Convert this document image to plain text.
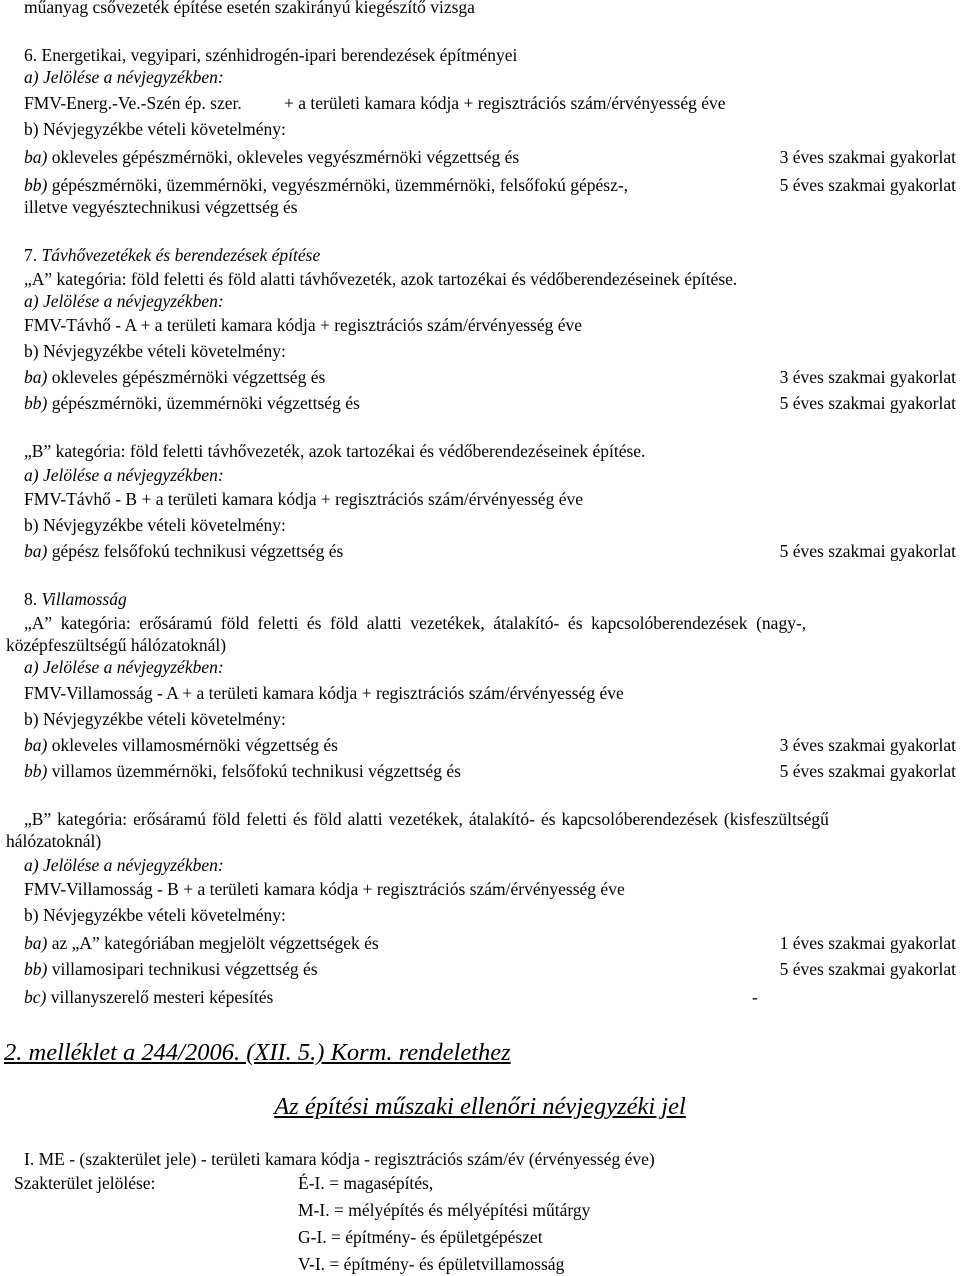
műanyag csővezeték építése esetén szakirányú kiegészítő vizsga
6. Energetikai, vegyipari, szénhidrogén-ipari berendezések építményei
a) Jelölése a névjegyzékben:
FMV-Energ.-Ve.-Szén ép. szer. + a területi kamara kódja + regisztrációs szám/érvényesség éve
b) Névjegyzékbe vételi követelmény:
ba) okleveles gépészmérnöki, okleveles vegyészmérnöki végzettség és	3 éves szakmai gyakorlat
bb) gépészmérnöki, üzemmérnöki, vegyészmérnöki, üzemmérnöki, felsőfokú gépész-,	5 éves szakmai gyakorlat
illetve vegyésztechnikusi végzettség és
7. Távhővezetékek és berendezések építése
„A” kategória: föld feletti és föld alatti távhővezeték, azok tartozékai és védőberendezéseinek építése.
a) Jelölése a névjegyzékben:
FMV-Távhő - A + a területi kamara kódja + regisztrációs szám/érvényesség éve
b) Névjegyzékbe vételi követelmény:
ba) okleveles gépészmérnöki végzettség és	3 éves szakmai gyakorlat
bb) gépészmérnöki, üzemmérnöki végzettség és	5 éves szakmai gyakorlat
„B” kategória: föld feletti távhővezeték, azok tartozékai és védőberendezéseinek építése.
a) Jelölése a névjegyzékben:
FMV-Távhő - B + a területi kamara kódja + regisztrációs szám/érvényesség éve
b) Névjegyzékbe vételi követelmény:
ba) gépész felsőfokú technikusi végzettség és	5 éves szakmai gyakorlat
8. Villamosság
„A” kategória: erősáramú föld feletti és föld alatti vezetékek, átalakító- és kapcsolóberendezések (nagy-,
középfeszültségű hálózatoknál)
a) Jelölése a névjegyzékben:
FMV-Villamosság - A + a területi kamara kódja + regisztrációs szám/érvényesség éve
b) Névjegyzékbe vételi követelmény:
ba) okleveles villamosmérnöki végzettség és	3 éves szakmai gyakorlat
bb) villamos üzemmérnöki, felsőfokú technikusi végzettség és	5 éves szakmai gyakorlat
„B” kategória: erősáramú föld feletti és föld alatti vezetékek, átalakító- és kapcsolóberendezések (kisfeszültségű
hálózatoknál)
a) Jelölése a névjegyzékben:
FMV-Villamosság - B + a területi kamara kódja + regisztrációs szám/érvényesség éve
b) Névjegyzékbe vételi követelmény:
ba) az „A” kategóriában megjelölt végzettségek és	1 éves szakmai gyakorlat
bb) villamosipari technikusi végzettség és	5 éves szakmai gyakorlat
bc) villanyszerelő mesteri képesítés	-
2. melléklet a 244/2006. (XII. 5.) Korm. rendelethez
Az építési műszaki ellenőri névjegyzéki jel
I. ME - (szakterület jele) - területi kamara kódja - regisztrációs szám/év (érvényesség éve)
Szakterület jelölése:	É-I. = magasépítés,
M-I. = mélyépítés és mélyépítési műtárgy
G-I. = építmény- és épületgépészet
V-I. = építmény- és épületvillamosság
